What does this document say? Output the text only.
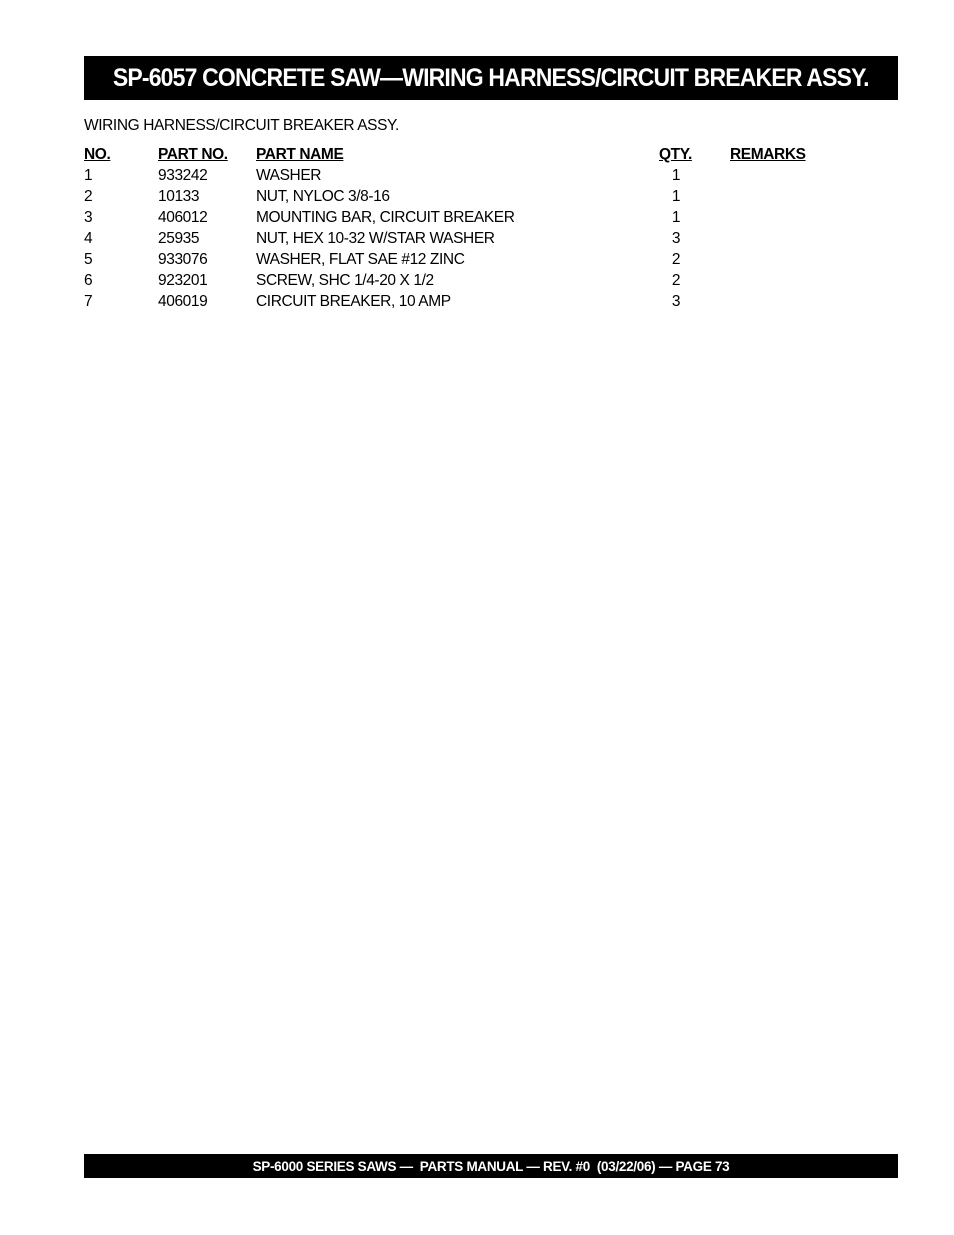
SP-6057 CONCRETE SAW—WIRING HARNESS/CIRCUIT BREAKER ASSY.
WIRING HARNESS/CIRCUIT BREAKER ASSY.
NO.	PART NO. PART NAME	QTY.	REMARKS
1	933242	WASHER	1
2	10133	NUT, NYLOC 3/8-16	1
3	406012	MOUNTING BAR, CIRCUIT BREAKER	1
4	25935	NUT, HEX 10-32 W/STAR WASHER	3
5	933076	WASHER, FLAT SAE #12 ZINC	2
6	923201	SCREW, SHC 1/4-20 X 1/2	2
7	406019	CIRCUIT BREAKER, 10 AMP	3
SP-6000 SERIES SAWS —  PARTS MANUAL — REV. #0  (03/22/06) — PAGE 73
